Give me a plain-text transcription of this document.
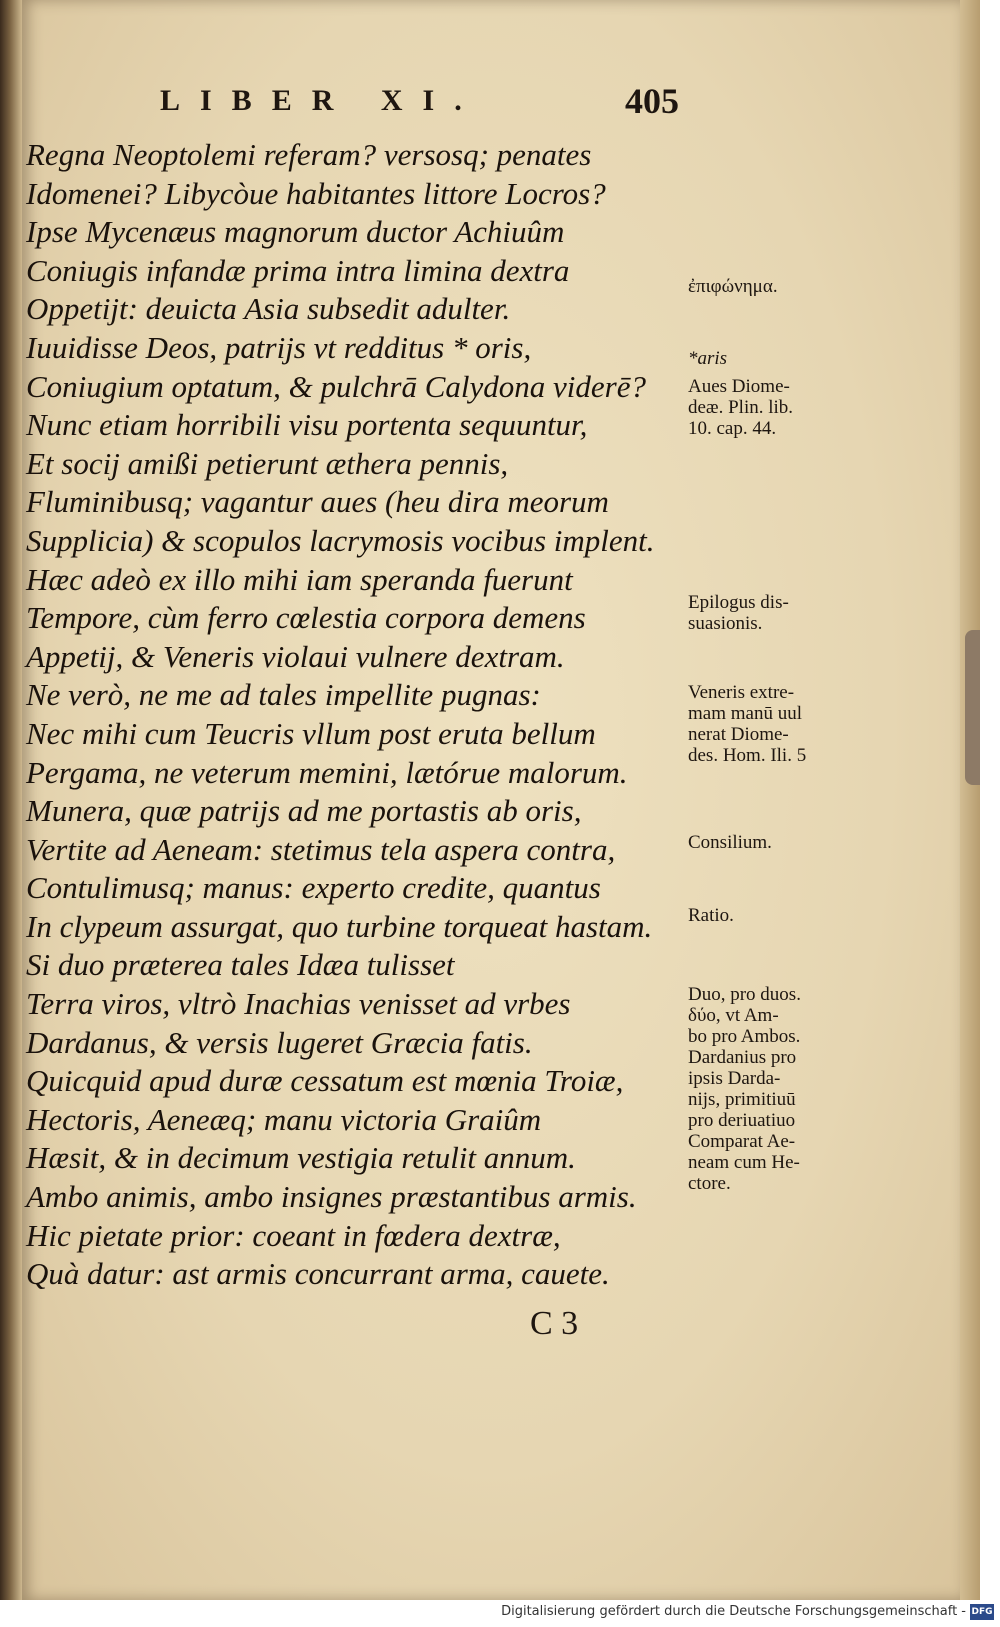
LIBER XI.	405
Regna Neoptolemi referam? versosq; penates
Idomenei? Libycòue habitantes littore Locros?
Ipse Mycenæus magnorum ductor Achiuûm
Coniugis infandæ prima intra limina dextra
Oppetijt: deuicta Asia subsedit adulter.
Iuuidisse Deos, patrijs vt redditus * oris,
Coniugium optatum, & pulchrā Calydona viderē?
Nunc etiam horribili visu portenta sequuntur,
Et socij amißi petierunt æthera pennis,
Fluminibusq; vagantur aues (heu dira meorum
Supplicia) & scopulos lacrymosis vocibus implent.
Hæc adeò ex illo mihi iam speranda fuerunt
Tempore, cùm ferro cœlestia corpora demens
Appetij, & Veneris violaui vulnere dextram.
Ne verò, ne me ad tales impellite pugnas:
Nec mihi cum Teucris vllum post eruta bellum
Pergama, ne veterum memini, lætórue malorum.
Munera, quæ patrijs ad me portastis ab oris,
Vertite ad Aeneam: stetimus tela aspera contra,
Contulimusq; manus: experto credite, quantus
In clypeum assurgat, quo turbine torqueat hastam.
Si duo præterea tales Idæa tulisset
Terra viros, vltrò Inachias venisset ad vrbes
Dardanus, & versis lugeret Græcia fatis.
Quicquid apud duræ cessatum est mœnia Troiæ,
Hectoris, Aeneæq; manu victoria Graiûm
Hæsit, & in decimum vestigia retulit annum.
Ambo animis, ambo insignes præstantibus armis.
Hic pietate prior: coeant in fœdera dextræ,
Quà datur: ast armis concurrant arma, cauete.
ἐπιφώνημα.
*aris
Aues Diome-
deæ. Plin. lib.
10. cap. 44.
Epilogus dis-
suasionis.
Veneris extre-
mam manū uul
nerat Diome-
des. Hom. Ili. 5
Consilium.
Ratio.
Duo, pro duos.
δύο, vt Am-
bo pro Ambos.
Dardanius pro
ipsis Darda-
nijs, primitiuū
pro deriuatiuo
Comparat Ae-
neam cum He-
ctore.
C 3
Digitalisierung gefördert durch die Deutsche Forschungsgemeinschaft - DFG
